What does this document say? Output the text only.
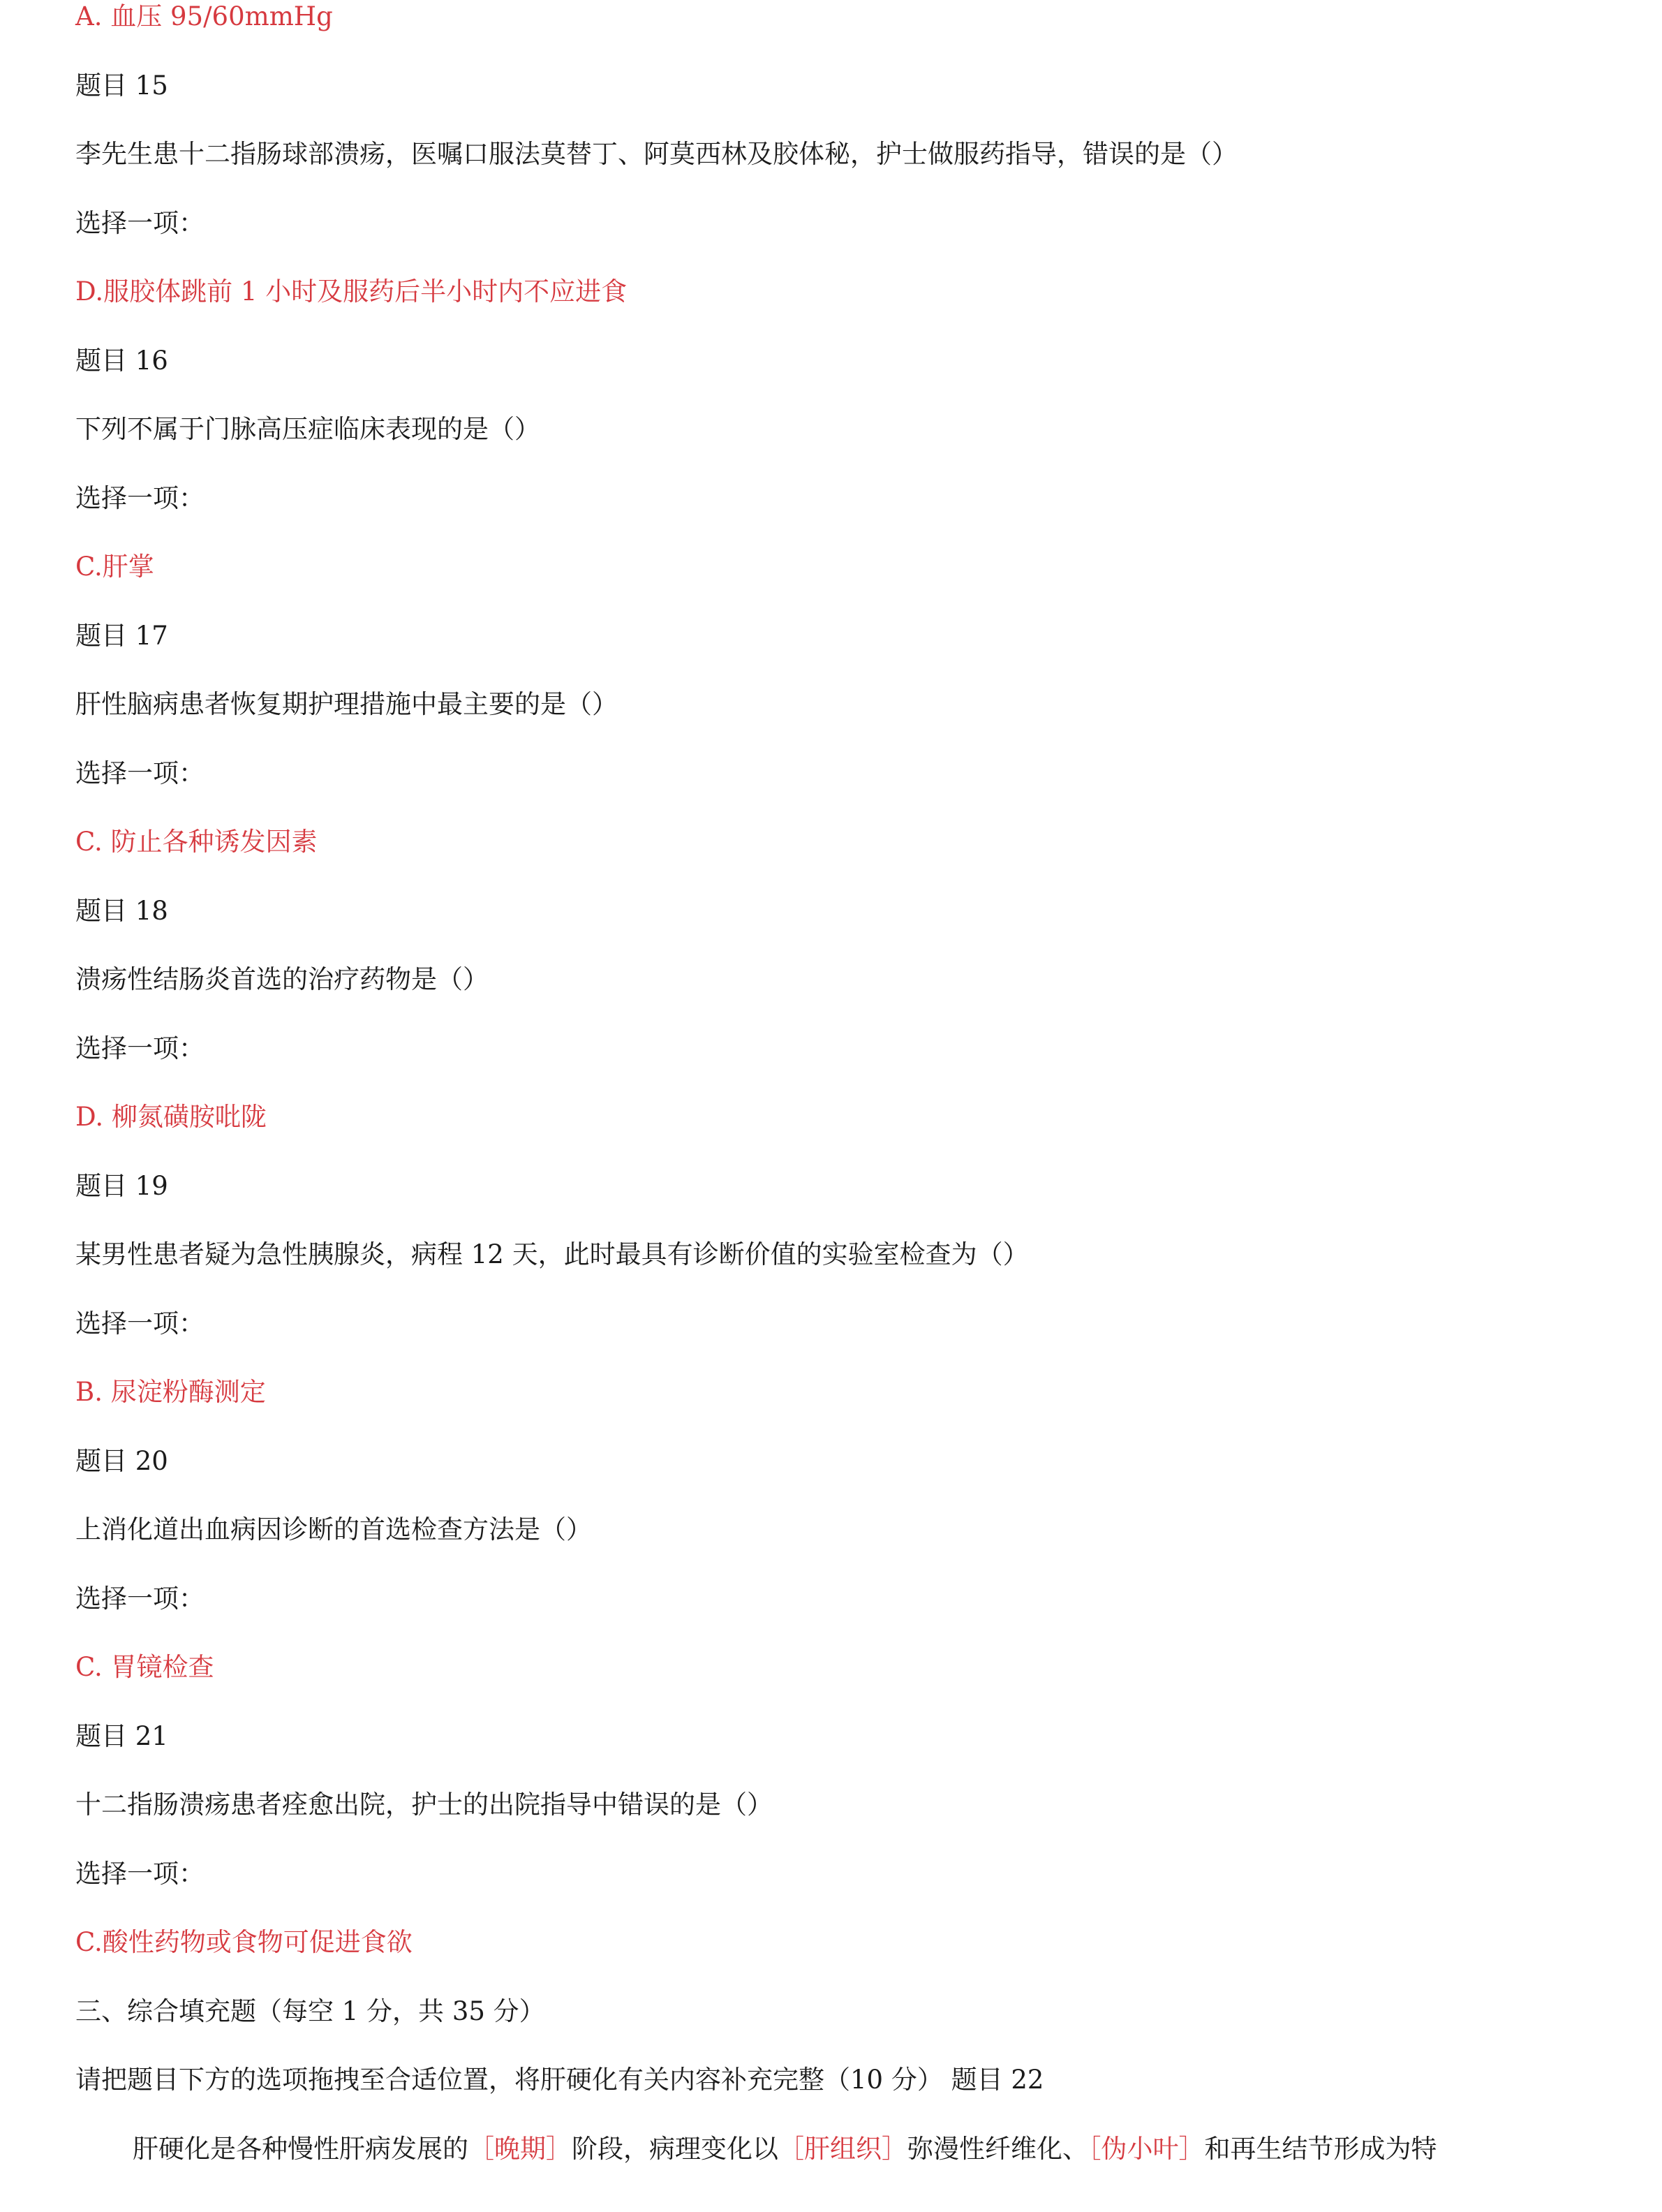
A. 血压 95/60mmHg
题目 15
李先生患十二指肠球部溃疡，医嘱口服法莫替丁、阿莫西林及胶体秘，护士做服药指导，错误的是（）
选择一项：
D.服胶体跳前 1 小时及服药后半小时内不应进食
题目 16
下列不属于门脉高压症临床表现的是（）
选择一项：
C.肝掌
题目 17
肝性脑病患者恢复期护理措施中最主要的是（）
选择一项：
C. 防止各种诱发因素
题目 18
溃疡性结肠炎首选的治疗药物是（）
选择一项：
D. 柳氮磺胺吡陇
题目 19
某男性患者疑为急性胰腺炎，病程 12 天，此时最具有诊断价值的实验室检查为（）
选择一项：
B. 尿淀粉酶测定
题目 20
上消化道出血病因诊断的首选检查方法是（）
选择一项：
C. 胃镜检查
题目 21
十二指肠溃疡患者痊愈出院，护士的出院指导中错误的是（）
选择一项：
C.酸性药物或食物可促进食欲
三、综合填充题（每空 1 分，共 35 分）
请把题目下方的选项拖拽至合适位置，将肝硬化有关内容补充完整（10 分） 题目 22
肝硬化是各种慢性肝病发展的［晚期］阶段，病理变化以［肝组织］弥漫性纤维化、［伪小叶］和再生结节形成为特
